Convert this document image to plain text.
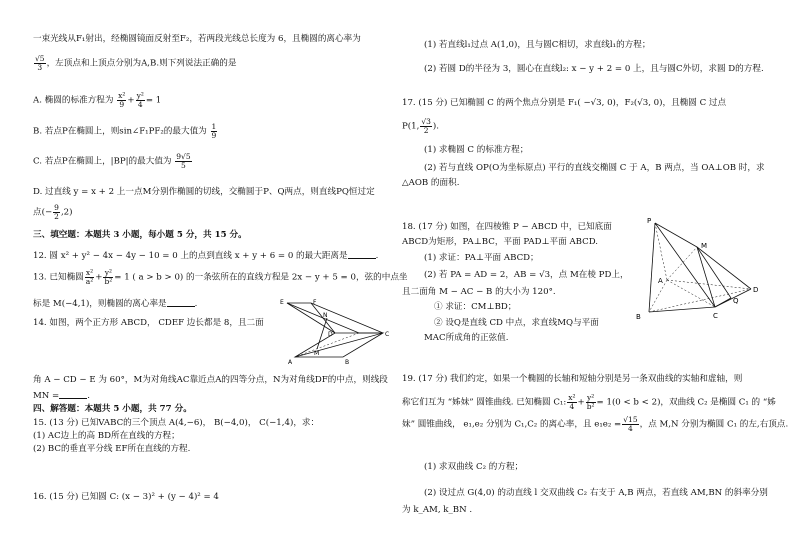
一束光线从F₁射出，经椭圆镜面反射至F₂，若两段光线总长度为 6，且椭圆的离心率为
$\frac{√5}{3}$ ，左顶点和上顶点分别为A,B.则下列说法正确的是
A. 椭圆的标准方程为 $\frac{\text{x²}}{9} + \frac{\text{y²}}{4} = 1$
B. 若点P在椭圆上，则sin∠F₁PF₂的最大值为 $\frac{1}{9}$
C. 若点P在椭圆上，|BP|的最大值为 $\frac{9√5}{5}$
D. 过直线 y = x + 2 上一点M分别作椭圆的切线，交椭圆于P、Q两点，则直线PQ恒过定
点(− $\frac{9}{2} ,2$)
三、填空题：本题共 3 小题，每小题 5 分，共 15 分。
12. 圆 x² + y² − 4x − 4y − 10 = 0 上的点到直线 x + y + 6 = 0 的最大距离是	.
13. 已知椭圆 $\frac{\text{x²}}{\text{a²}} + \frac{\text{y²}}{\text{b²}} = 1$ ( a > b > 0) 的一条弦所在的直线方程是 2x − y + 5 = 0，弦的中点坐
标是 M(−4,1)，则椭圆的离心率是	.
14. 如图，两个正方形 ABCD， CDEF 边长都是 8，且二面
E	F
D
N
C
A
M
B
角 A − CD − E 为 60°，M为对角线AC靠近点A的四等分点，N为对角线DF的中点，则线段
MN =	.
四、解答题：本题共 5 小题，共 77 分。
15. (13 分) 已知VABC的三个顶点 A(4,−6)， B(−4,0)， C(−1,4)，求：
(1) AC边上的高 BD所在直线的方程；
(2) BC的垂直平分线 EF所在直线的方程.
16. (15 分) 已知圆 C: (x − 3)² + (y − 4)² = 4
(1) 若直线l₁过点 A(1,0)，且与圆C相切，求直线l₁的方程；
(2) 若圆 D的半径为 3，圆心在直线l₂: x − y + 2 = 0 上，且与圆C外切，求圆 D的方程.
17. (15 分) 已知椭圆 C 的两个焦点分别是 F₁( −√3, 0)，F₂(√3, 0)，且椭圆 C 过点
P(1, $\frac{√3}{2}$ ).
(1) 求椭圆 C 的标准方程；
(2) 若与直线 OP(O为坐标原点) 平行的直线交椭圆 C 于 A，B 两点，当 OA⊥OB 时，求
△AOB 的面积.
18. (17 分) 如图，在四棱锥 P − ABCD 中，已知底面
ABCD为矩形，PA⊥BC，平面 PAD⊥平面 ABCD.
(1) 求证：PA⊥平面 ABCD；
(2) 若 PA = AD = 2，AB = √3，点 M在棱 PD上，
且二面角 M − AC − B 的大小为 120°.
① 求证：CM⊥BD；
② 设Q是直线 CD 中点，求直线MQ与平面
MAC所成角的正弦值.
P
M
A
D
Q
B	C
19. (17 分) 我们约定，如果一个椭圆的长轴和短轴分别是另一条双曲线的实轴和虚轴，则
称它们互为 “姊妹” 圆锥曲线. 已知椭圆 C₁: $\frac{\text{x²}}{4} + \frac{\text{y²}}{\text{b²}} = 1(0 < b < 2)$，双曲线 C₂ 是椭圆 C₁ 的 “姊
妹” 圆锥曲线， e₁,e₂ 分别为 C₁,C₂ 的离心率，且 $e_1e_2 = \frac{√15}{4}$ ，点 M,N 分别为椭圆 C₁ 的左,右顶点.
(1) 求双曲线 C₂ 的方程；
(2) 设过点 G(4,0) 的动直线 l 交双曲线 C₂ 右支于 A,B 两点，若直线 AM,BN 的斜率分别
为 k_AM, k_BN .
